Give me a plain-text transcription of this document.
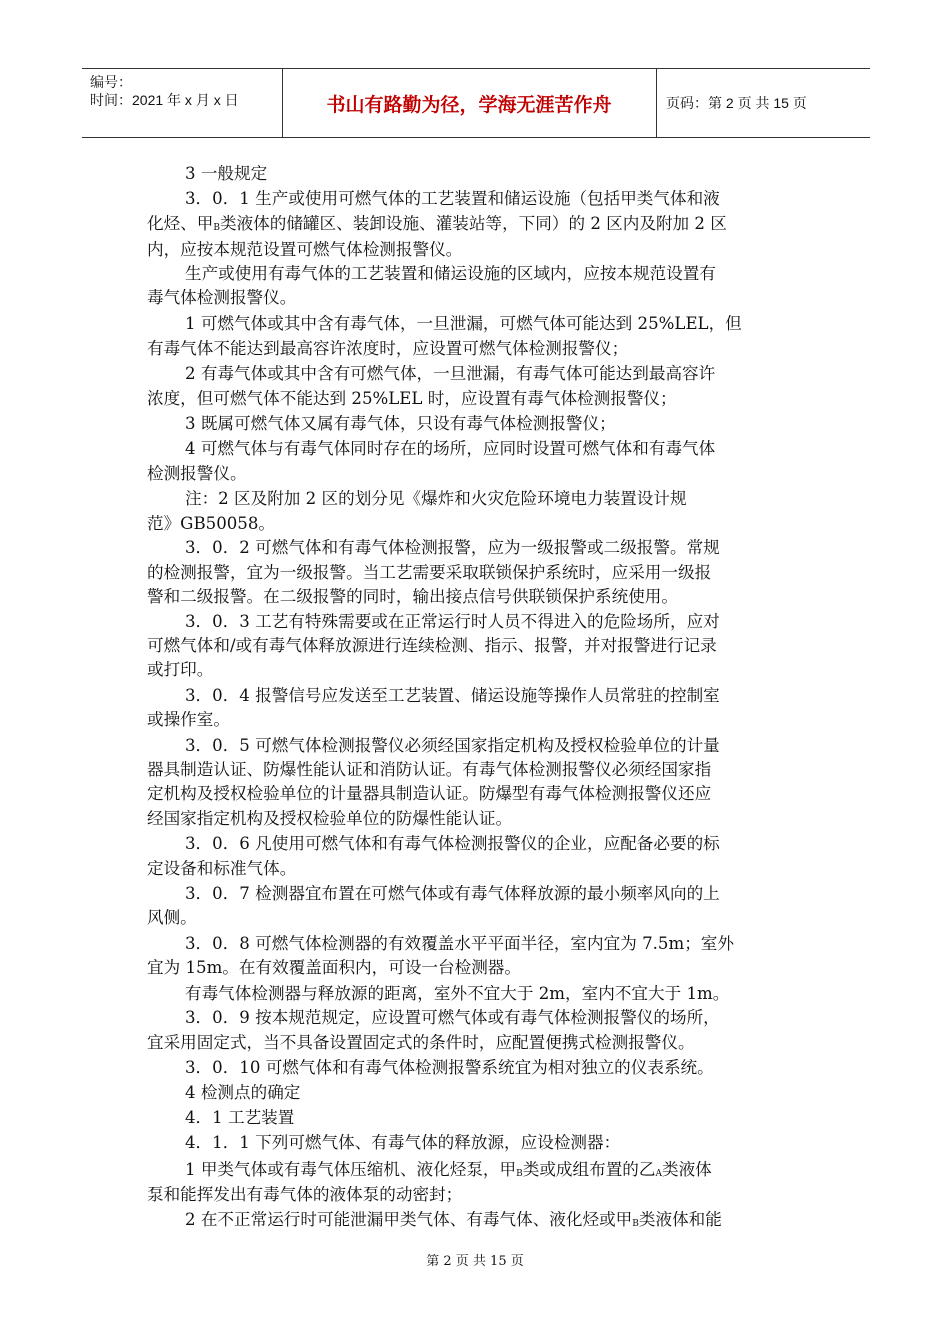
编号：
时间：2021 年 x 月 x 日	书山有路勤为径，学海无涯苦作舟	页码：第 2 页 共 15 页
3 一般规定
3．0．1 生产或使用可燃气体的工艺装置和储运设施（包括甲类气体和液
化烃、甲$_B$类液体的储罐区、装卸设施、灌装站等，下同）的 2 区内及附加 2 区
内，应按本规范设置可燃气体检测报警仪。
生产或使用有毒气体的工艺装置和储运设施的区域内，应按本规范设置有
毒气体检测报警仪。
1 可燃气体或其中含有毒气体，一旦泄漏，可燃气体可能达到 25%LEL，但
有毒气体不能达到最高容许浓度时，应设置可燃气体检测报警仪；
2 有毒气体或其中含有可燃气体，一旦泄漏，有毒气体可能达到最高容许
浓度，但可燃气体不能达到 25%LEL 时，应设置有毒气体检测报警仪；
3 既属可燃气体又属有毒气体，只设有毒气体检测报警仪；
4 可燃气体与有毒气体同时存在的场所，应同时设置可燃气体和有毒气体
检测报警仪。
注：2 区及附加 2 区的划分见《爆炸和火灾危险环境电力装置设计规
范》GB50058。
3．0．2 可燃气体和有毒气体检测报警，应为一级报警或二级报警。常规
的检测报警，宜为一级报警。当工艺需要采取联锁保护系统时，应采用一级报
警和二级报警。在二级报警的同时，输出接点信号供联锁保护系统使用。
3．0．3 工艺有特殊需要或在正常运行时人员不得进入的危险场所，应对
可燃气体和/或有毒气体释放源进行连续检测、指示、报警，并对报警进行记录
或打印。
3．0．4 报警信号应发送至工艺装置、储运设施等操作人员常驻的控制室
或操作室。
3．0．5 可燃气体检测报警仪必须经国家指定机构及授权检验单位的计量
器具制造认证、防爆性能认证和消防认证。有毒气体检测报警仪必须经国家指
定机构及授权检验单位的计量器具制造认证。防爆型有毒气体检测报警仪还应
经国家指定机构及授权检验单位的防爆性能认证。
3．0．6 凡使用可燃气体和有毒气体检测报警仪的企业，应配备必要的标
定设备和标准气体。
3．0．7 检测器宜布置在可燃气体或有毒气体释放源的最小频率风向的上
风侧。
3．0．8 可燃气体检测器的有效覆盖水平平面半径，室内宜为 7.5m；室外
宜为 15m。在有效覆盖面积内，可设一台检测器。
有毒气体检测器与释放源的距离，室外不宜大于 2m，室内不宜大于 1m。
3．0．9 按本规范规定，应设置可燃气体或有毒气体检测报警仪的场所，
宜采用固定式，当不具备设置固定式的条件时，应配置便携式检测报警仪。
3．0．10 可燃气体和有毒气体检测报警系统宜为相对独立的仪表系统。
4 检测点的确定
4．1 工艺装置
4．1．1 下列可燃气体、有毒气体的释放源，应设检测器：
1 甲类气体或有毒气体压缩机、液化烃泵，甲$_B$类或成组布置的乙$_A$类液体
泵和能挥发出有毒气体的液体泵的动密封；
2 在不正常运行时可能泄漏甲类气体、有毒气体、液化烃或甲$_B$类液体和能
第 2 页 共 15 页
